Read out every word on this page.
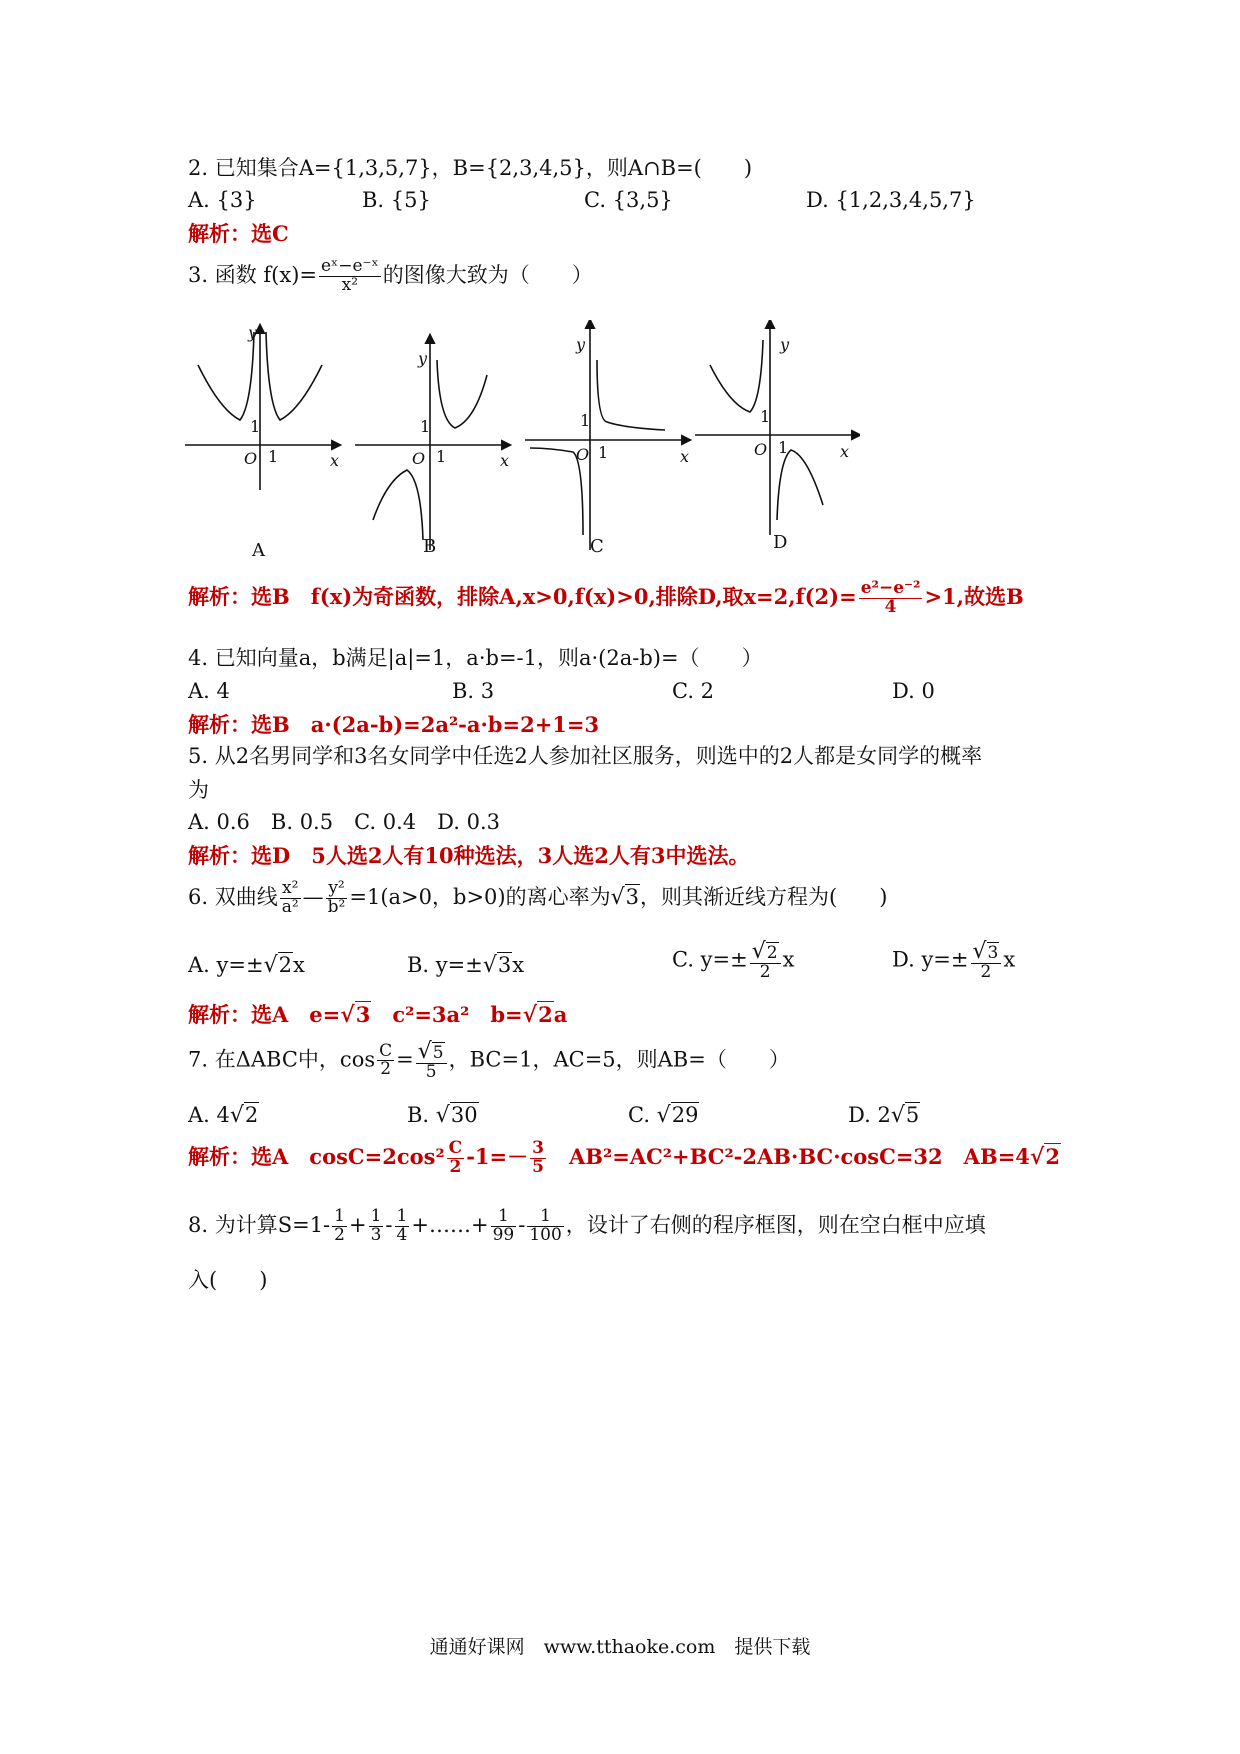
2. 已知集合A={1,3,5,7}，B={2,3,4,5}，则A∩B=(　　)
A. {3}	B. {5}	C. {3,5}	D. {1,2,3,4,5,7}
解析：选C
3. 函数 $f(x)= \frac{\text{eˣ−e⁻ˣ}}{\text{x²}}$ 的图像大致为（　　）
y
x
O
1
1
y
x
O
1
1
y
x
O
1
1
y
x
O
1
1
A	B	C	D
解析：选B　f(x)为奇函数，排除A,x>0,f(x)>0,排除D,取$x=2,f(2)= \frac{\text{e²−e⁻²}}{4} >1$,故选B
4. 已知向量a，b满足|a|=1，a·b=-1，则a·(2a-b)=（　　）
A. 4	B. 3	C. 2	D. 0
解析：选B　a·(2a-b)=2a²-a·b=2+1=3
5. 从2名男同学和3名女同学中任选2人参加社区服务，则选中的2人都是女同学的概率
为
A. 0.6　B. 0.5　C. 0.4　D. 0.3
解析：选D　5人选2人有10种选法，3人选2人有3中选法。
6. 双曲线 $\frac{\text{x²}}{\text{a²}}$ — $\frac{\text{y²}}{\text{b²}} =1(a>0$，b>0)的离心率为√3，则其渐近线方程为(　　)
A. y=±√2x	B. y=±√3x	C. $y=\pm \frac{√2}{2}$ x	D. $y=\pm \frac{√3}{2}$ x
解析：选A　e=√3　c²=3a²　b=√2a
7. 在ΔABC中，$\cos \frac{C}{2} = \frac{√5}{5}$ ，BC=1，AC=5，则AB=（　　）
A. 4√2	B. √30	C. √29	D. 2√5
解析：选A　$\cos C=2\cos^2 \frac{C}{2} -1=- \frac{3}{5}$ 　AB²=AC²+BC²-2AB·BC·cosC=32　AB=4√2
8. 为计算$S=1- \frac{1}{2} + \frac{1}{3} - \frac{1}{4}$ +……+ $\frac{1}{99} - \frac{1}{100}$ ，设计了右侧的程序框图，则在空白框中应填
入(　　)
通通好课网　www.tthaoke.com　提供下载
